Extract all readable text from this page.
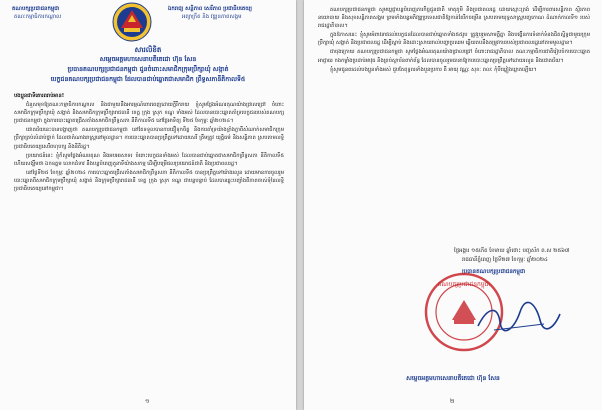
គណបក្សប្រជាជនកម្ពុជា
គណៈកម្មាធិការកណ្ដាល
ឯករាជ្យ សន្តិភាព សេរីភាព ប្រជាធិបតេយ្យ
អព្យាក្រឹត និង វឌ្ឍនភាពសង្គម
សារលិខិត
សម្តេចអគ្គមហាសេនាបតីតេជោ ហ៊ុន សែន
ប្រធានគណបក្សប្រជាជនកម្ពុជា ជូនចំពោះសមាជិកក្រុមប្រឹក្សាឃុំ សង្កាត់
បេក្ខជនគណបក្សប្រជាជនកម្ពុជា ដែលបានជាប់ឆ្នោតជាសមាជិក ព្រឹទ្ធសភានីតិកាលទី៥

បងប្អូនជាទីគោរពរាប់អាន!

ជំនួសមុខឱ្យគណៈកម្មាធិការកណ្ដាល និងជាមួយនឹងអារម្មណ៍ពោរពេញដោយក្ដីរីករាយ ខ្ញុំសូមថ្លែងអំណរគុណយ៉ាងជ្រាលជ្រៅ ចំពោះសមាជិកក្រុមប្រឹក្សាឃុំ សង្កាត់ និងសមាជិកក្រុមប្រឹក្សារាជធានី ខេត្ត ក្រុង ស្រុក ខណ្ឌ ទាំងអស់ ដែលបានបោះឆ្នោតគាំទ្របេក្ខជនរបស់គណបក្សប្រជាជនកម្ពុជា ក្នុងការបោះឆ្នោតជ្រើសតាំងសមាជិកព្រឹទ្ធសភា នីតិកាលទី៥ នៅថ្ងៃអាទិត្យ ទី២៥ ខែកុម្ភៈ ឆ្នាំ២០២៤។

ជោគជ័យនេះបានបង្ហាញថា គណបក្សប្រជាជនកម្ពុជា នៅតែទទួលបានការជឿទុកចិត្ត និងការគាំទ្រយ៉ាងខ្លាំងក្លាពីសំណាក់សមាជិកក្រុមប្រឹក្សាគ្រប់លំដាប់ថ្នាក់ ដែលជាតំណាងរាស្ត្រនៅមូលដ្ឋាន។ ការបោះឆ្នោតបានប្រព្រឹត្តទៅដោយសេរី ត្រឹមត្រូវ យុត្តិធម៌ និងសន្តិភាព ស្របតាមលទ្ធិប្រជាធិបតេយ្យសេរីពហុបក្ស និងនីតិរដ្ឋ។

ប្រយោជន៍នេះ ខ្ញុំក៏សូមថ្លែងអំណរគុណ និងអបអរសាទរ ចំពោះបេក្ខជនទាំងអស់ ដែលបានជាប់ឆ្នោតជាសមាជិកព្រឹទ្ធសភា នីតិកាលទី៥ ហើយសង្ឃឹមថា ឯកឧត្ដម លោកជំទាវ នឹងបន្តបំពេញតួនាទីយ៉ាងសកម្ម ដើម្បីបម្រើផលប្រយោជន៍ជាតិ និងប្រជាពលរដ្ឋ។

នៅថ្ងៃទី២៥ ខែកុម្ភៈ ឆ្នាំ២០២៤ ការបោះឆ្នោតជ្រើសតាំងសមាជិកព្រឹទ្ធសភា នីតិកាលទី៥ បានប្រព្រឹត្តទៅយ៉ាងរលូន ដោយមានការចូលរួមបោះឆ្នោតពីសមាជិកក្រុមប្រឹក្សាឃុំ សង្កាត់ និងក្រុមប្រឹក្សារាជធានី ខេត្ត ក្រុង ស្រុក ខណ្ឌ ជាបន្តបន្ទាប់ ដែលបានឆ្លុះបញ្ចាំងពីភាពចាស់ទុំនៃលទ្ធិប្រជាធិបតេយ្យនៅកម្ពុជា។

១

គណបក្សប្រជាជនកម្ពុជា សូមប្ដេជ្ញាបន្តបំពេញភារកិច្ចជូនជាតិ មាតុភូមិ និងប្រជាពលរដ្ឋ ដោយស្មោះត្រង់ ដើម្បីការពារសន្តិភាព ស្ថិរភាពនយោបាយ និងសុខសន្តិភាពសង្គម ព្រមទាំងបន្តអភិវឌ្ឍប្រទេសជាតិឱ្យកាន់តែរីកចម្រើន ស្របតាមយុទ្ធសាស្ត្របញ្ចកោណ ដំណាក់កាលទី១ របស់រាជរដ្ឋាភិបាល។

ក្នុងឱកាសនេះ ខ្ញុំសូមអំពាវនាវដល់បេក្ខជនដែលបានជាប់ឆ្នោតទាំង៥៥រូប ត្រូវរួបរួមសាមគ្គីគ្នា និងបង្កើនការទំនាក់ទំនងជិតស្និទ្ធជាមួយក្រុមប្រឹក្សាឃុំ សង្កាត់ និងប្រជាពលរដ្ឋ ដើម្បីស្ដាប់ និងដោះស្រាយរាល់បញ្ហាប្រឈម ឆ្លើយតបនឹងតម្រូវការរបស់ប្រជាពលរដ្ឋនៅតាមមូលដ្ឋាន។

ជាចុងក្រោយ គណបក្សប្រជាជនកម្ពុជា សូមថ្លែងអំណរគុណយ៉ាងជ្រាលជ្រៅ ចំពោះរាជរដ្ឋាភិបាល គណៈកម្មាធិការជាតិរៀបចំការបោះឆ្នោត អាជ្ញាធរ កងកម្លាំងប្រដាប់អាវុធ និងគ្រប់ស្ថាប័នពាក់ព័ន្ធ ដែលបានចូលរួមធានាឱ្យការបោះឆ្នោតប្រព្រឹត្តទៅដោយរលូន និងជោគជ័យ។

ខ្ញុំសូមជូនពរដល់បងប្អូនទាំងអស់ ជួបតែពុទ្ធពរទាំងបួនប្រការ គឺ អាយុ វណ្ណៈ សុខៈ ពលៈ កុំបីឃ្លៀងឃ្លាតឡើយ។

ថ្ងៃអង្គារ ១៥កើត ខែមាឃ ឆ្នាំថោះ បញ្ចស័ក ព.ស ២៥៦៧
រាជធានីភ្នំពេញ ថ្ងៃទី២៧ ខែកុម្ភៈ ឆ្នាំ២០២៤
ប្រធានគណបក្សប្រជាជនកម្ពុជា
គណបក្សប្រជាជនកម្ពុជា
សម្តេចអគ្គមហាសេនាបតីតេជោ ហ៊ុន សែន
២
